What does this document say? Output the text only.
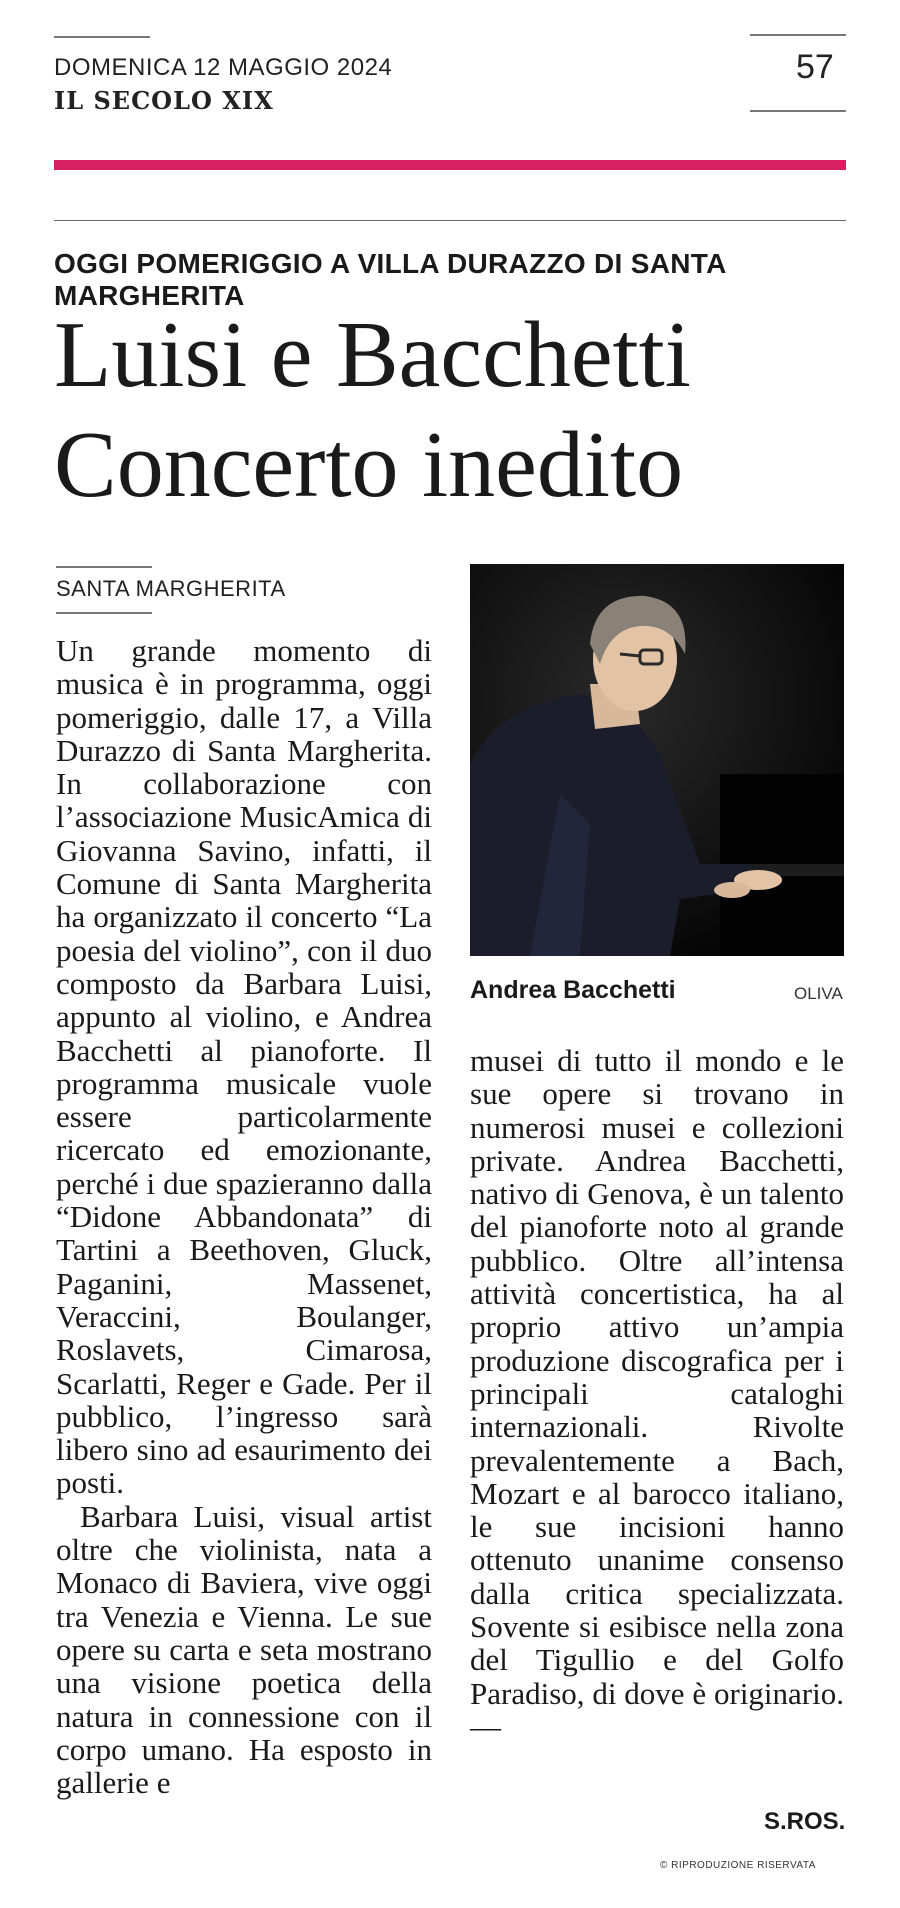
DOMENICA 12 MAGGIO 2024
IL SECOLO XIX
57
OGGI POMERIGGIO A VILLA DURAZZO DI SANTA MARGHERITA
Luisi e Bacchetti
Concerto inedito
SANTA MARGHERITA

Un grande momento di musica è in programma, oggi pomeriggio, dalle 17, a Villa Durazzo di Santa Margherita. In collaborazione con l’associazione MusicAmica di Giovanna Savino, infatti, il Comune di Santa Margherita ha organizzato il concerto “La poesia del violino”, con il duo composto da Barbara Luisi, appunto al violino, e Andrea Bacchetti al pianoforte. Il programma musicale vuole essere particolarmente ricercato ed emozionante, perché i due spazieranno dalla “Didone Abbandonata” di Tartini a Beethoven, Gluck, Paganini, Massenet, Veraccini, Boulanger, Roslavets, Cimarosa, Scarlatti, Reger e Gade. Per il pubblico, l’ingresso sarà libero sino ad esaurimento dei posti.

Barbara Luisi, visual artist oltre che violinista, nata a Monaco di Baviera, vive oggi tra Venezia e Vienna. Le sue opere su carta e seta mostrano una visione poetica della natura in connessione con il corpo umano. Ha esposto in gallerie e

Andrea Bacchetti	OLIVA

musei di tutto il mondo e le sue opere si trovano in numerosi musei e collezioni private. Andrea Bacchetti, nativo di Genova, è un talento del pianoforte noto al grande pubblico. Oltre all’intensa attività concertistica, ha al proprio attivo un’ampia produzione discografica per i principali cataloghi internazionali. Rivolte prevalentemente a Bach, Mozart e al barocco italiano, le sue incisioni hanno ottenuto unanime consenso dalla critica specializzata. Sovente si esibisce nella zona del Tigullio e del Golfo Paradiso, di dove è originario. —

S.ROS.
© RIPRODUZIONE RISERVATA
